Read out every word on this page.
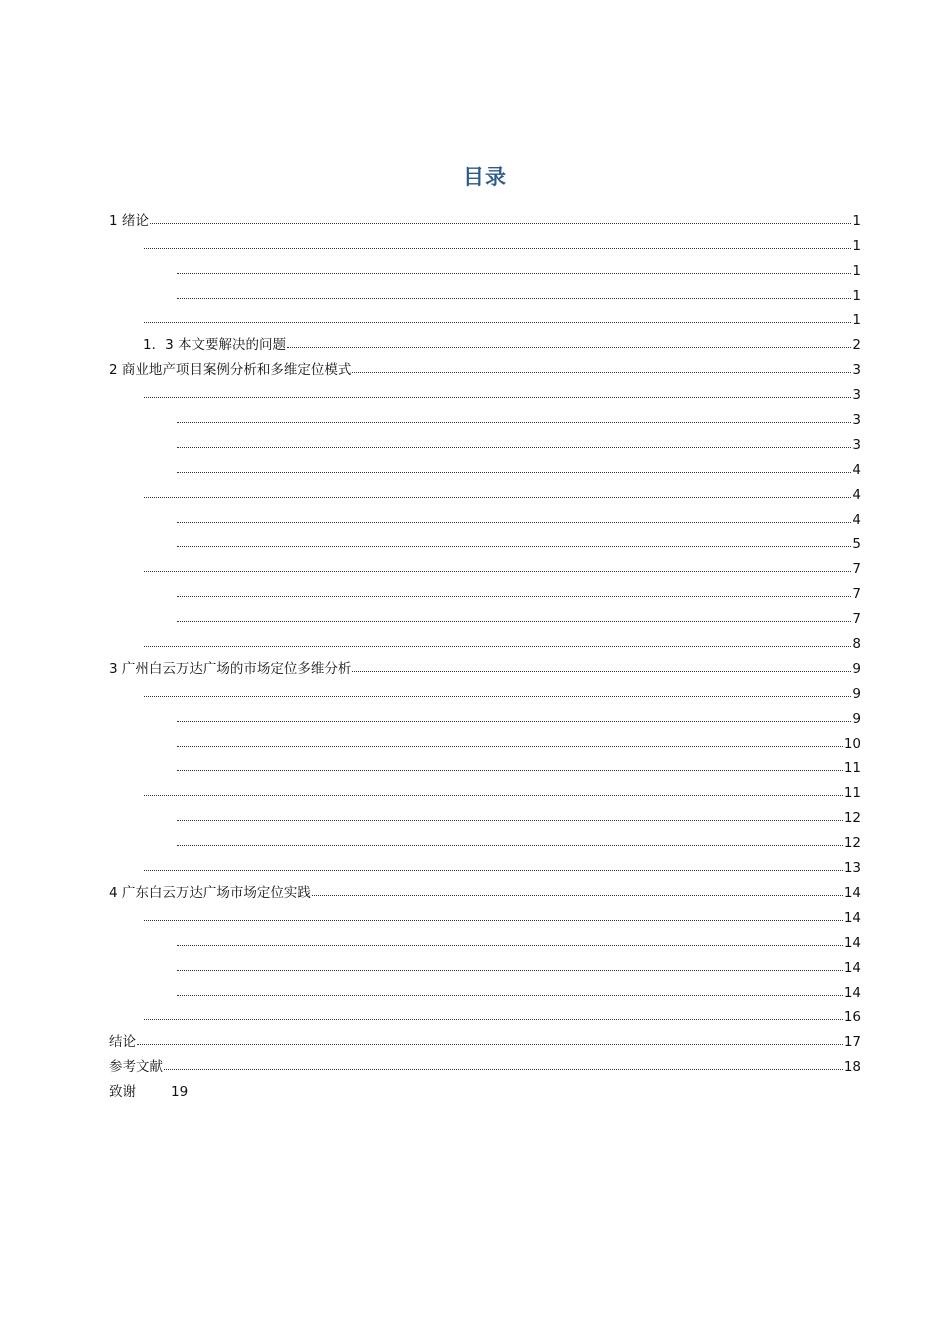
目录
1 绪论	1
1
1
1
1
1．3 本文要解决的问题	2
2 商业地产项目案例分析和多维定位模式	3
3
3
3
4
4
4
5
7
7
7
8
3 广州白云万达广场的市场定位多维分析	9
9
9
10
11
11
12
12
13
4 广东白云万达广场市场定位实践	14
14
14
14
14
16
结论	17
参考文献	18
致谢	19
